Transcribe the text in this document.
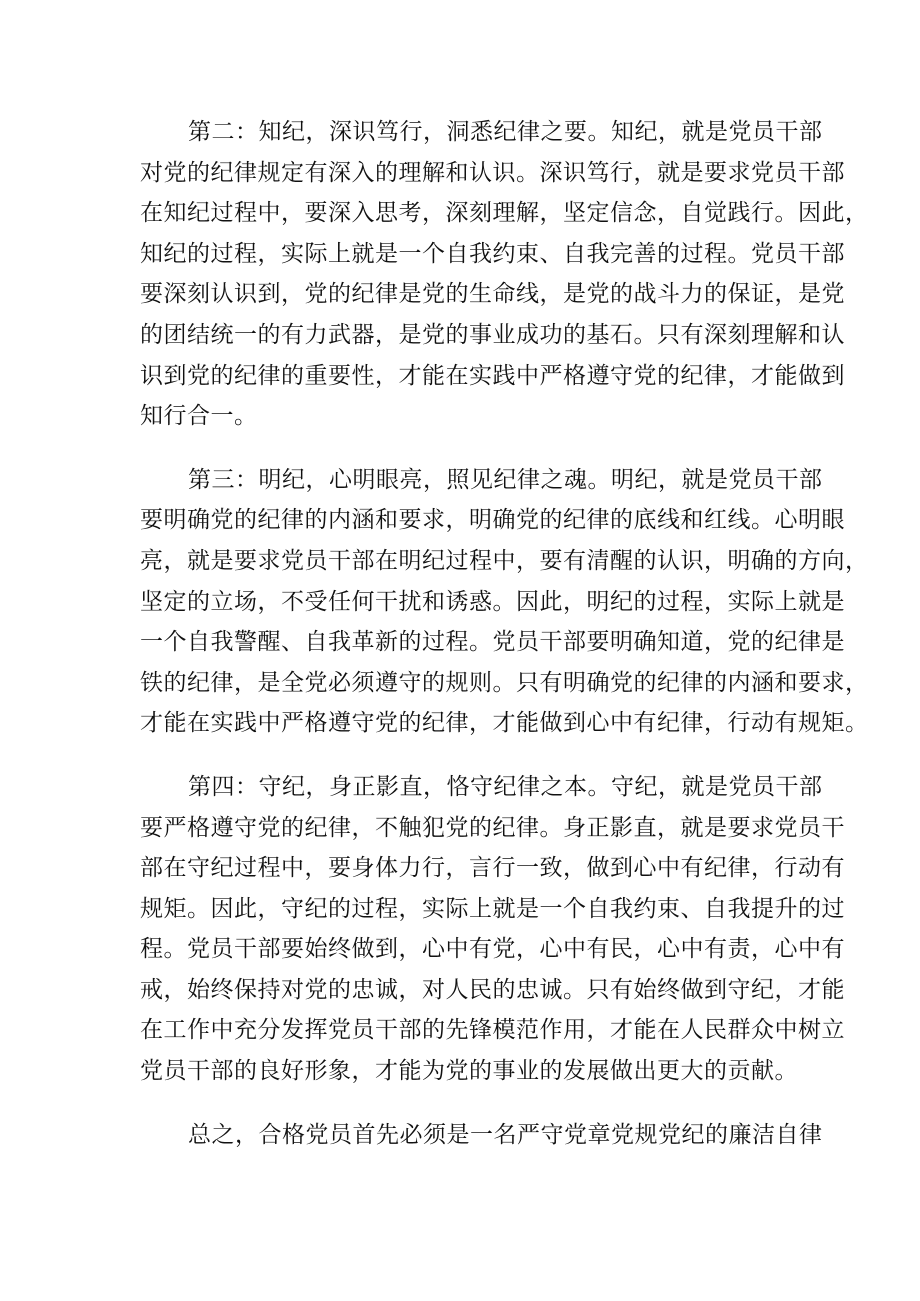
第二：知纪，深识笃行，洞悉纪律之要。知纪，就是党员干部
对党的纪律规定有深入的理解和认识。深识笃行，就是要求党员干部
在知纪过程中，要深入思考，深刻理解，坚定信念，自觉践行。因此，
知纪的过程，实际上就是一个自我约束、自我完善的过程。党员干部
要深刻认识到，党的纪律是党的生命线，是党的战斗力的保证，是党
的团结统一的有力武器，是党的事业成功的基石。只有深刻理解和认
识到党的纪律的重要性，才能在实践中严格遵守党的纪律，才能做到
知行合一。

第三：明纪，心明眼亮，照见纪律之魂。明纪，就是党员干部
要明确党的纪律的内涵和要求，明确党的纪律的底线和红线。心明眼
亮，就是要求党员干部在明纪过程中，要有清醒的认识，明确的方向，
坚定的立场，不受任何干扰和诱惑。因此，明纪的过程，实际上就是
一个自我警醒、自我革新的过程。党员干部要明确知道，党的纪律是
铁的纪律，是全党必须遵守的规则。只有明确党的纪律的内涵和要求，
才能在实践中严格遵守党的纪律，才能做到心中有纪律，行动有规矩。

第四：守纪，身正影直，恪守纪律之本。守纪，就是党员干部
要严格遵守党的纪律，不触犯党的纪律。身正影直，就是要求党员干
部在守纪过程中，要身体力行，言行一致，做到心中有纪律，行动有
规矩。因此，守纪的过程，实际上就是一个自我约束、自我提升的过
程。党员干部要始终做到，心中有党，心中有民，心中有责，心中有
戒，始终保持对党的忠诚，对人民的忠诚。只有始终做到守纪，才能
在工作中充分发挥党员干部的先锋模范作用，才能在人民群众中树立
党员干部的良好形象，才能为党的事业的发展做出更大的贡献。

总之，合格党员首先必须是一名严守党章党规党纪的廉洁自律
